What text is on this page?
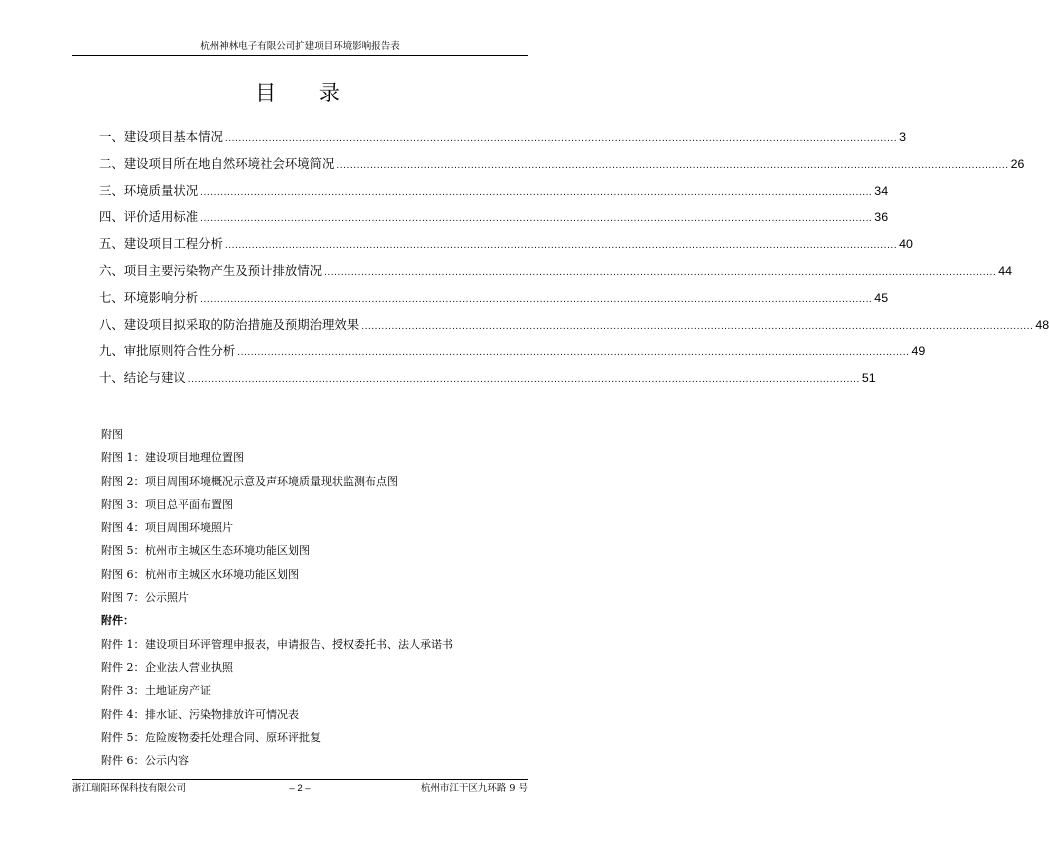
杭州神林电子有限公司扩建项目环境影响报告表
目 录
一、建设项目基本情况 ........................................................................................................................................................................................................ 3
二、建设项目所在地自然环境社会环境简况 ........................................................................................................................................................................................................ 26
三、环境质量状况 ........................................................................................................................................................................................................ 34
四、评价适用标准 ........................................................................................................................................................................................................ 36
五、建设项目工程分析 ........................................................................................................................................................................................................ 40
六、项目主要污染物产生及预计排放情况 ........................................................................................................................................................................................................ 44
七、环境影响分析 ........................................................................................................................................................................................................ 45
八、建设项目拟采取的防治措施及预期治理效果 ........................................................................................................................................................................................................ 48
九、审批原则符合性分析 ........................................................................................................................................................................................................ 49
十、结论与建议 ........................................................................................................................................................................................................ 51
附图
附图 1：建设项目地理位置图
附图 2：项目周围环境概况示意及声环境质量现状监测布点图
附图 3：项目总平面布置图
附图 4：项目周围环境照片
附图 5：杭州市主城区生态环境功能区划图
附图 6：杭州市主城区水环境功能区划图
附图 7：公示照片
附件：
附件 1：建设项目环评管理申报表，申请报告、授权委托书、法人承诺书
附件 2：企业法人营业执照
附件 3：土地证房产证
附件 4：排水证、污染物排放许可情况表
附件 5：危险废物委托处理合同、原环评批复
附件 6：公示内容
浙江瑞阳环保科技有限公司	– 2 –	杭州市江干区九环路 9 号
